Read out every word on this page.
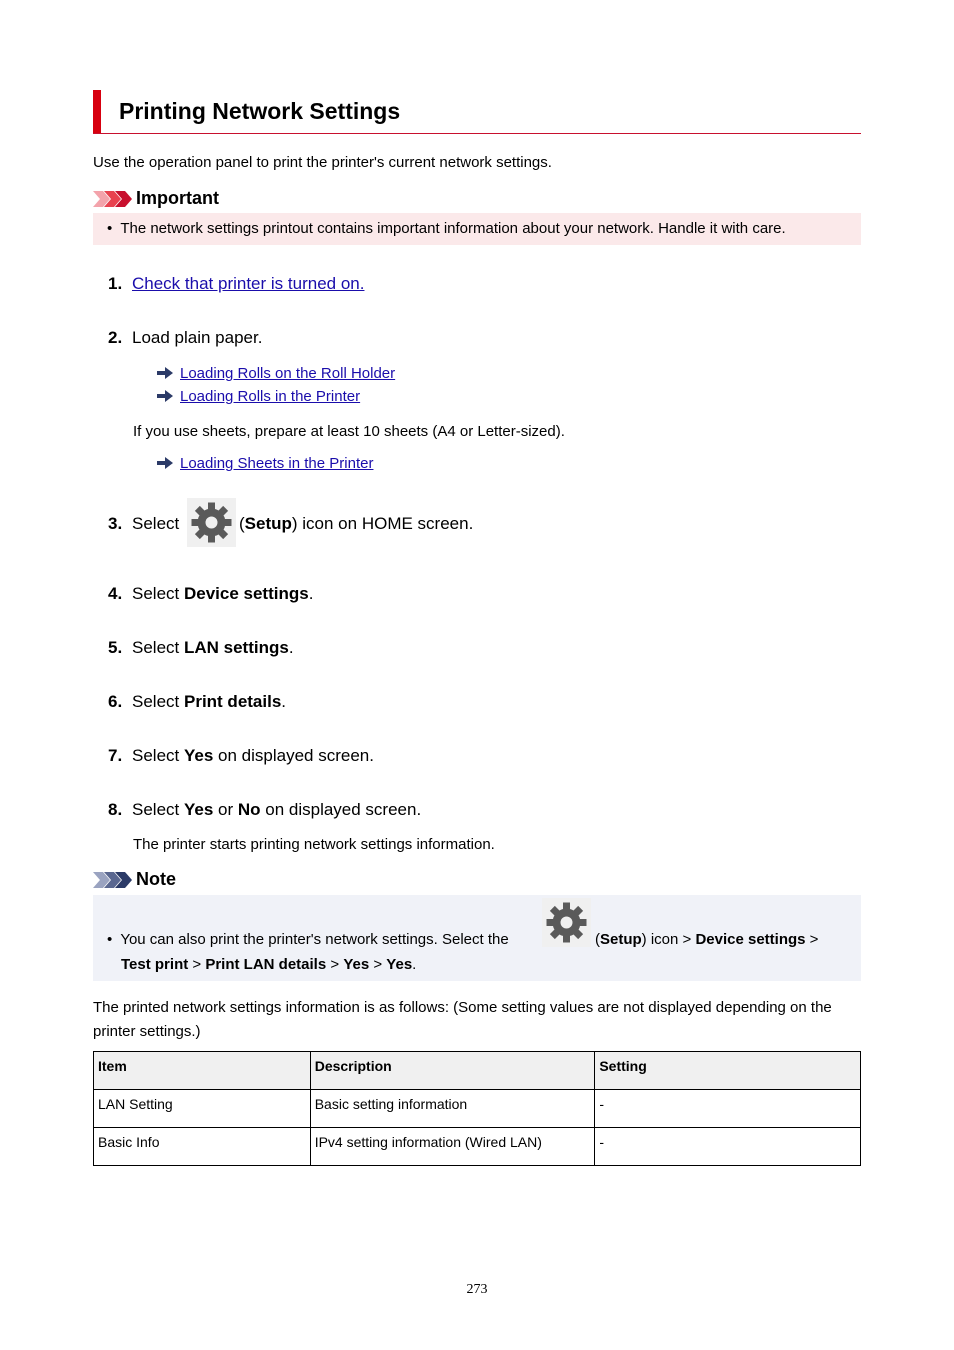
Printing Network Settings
Use the operation panel to print the printer's current network settings.
Important
•  The network settings printout contains important information about your network. Handle it with care.
1. Check that printer is turned on.
2. Load plain paper.
Loading Rolls on the Roll Holder
Loading Rolls in the Printer
If you use sheets, prepare at least 10 sheets (A4 or Letter-sized).
Loading Sheets in the Printer
3. Select	(Setup) icon on HOME screen.
4. Select Device settings.
5. Select LAN settings.
6. Select Print details.
7. Select Yes on displayed screen.
8. Select Yes or No on displayed screen.
The printer starts printing network settings information.
Note
•  You can also print the printer's network settings. Select the	(Setup) icon > Device settings >
Test print > Print LAN details > Yes > Yes.
The printed network settings information is as follows: (Some setting values are not displayed depending on the printer settings.)
Item	Description	Setting
LAN Setting	Basic setting information	-
Basic Info	IPv4 setting information (Wired LAN)	-
273
